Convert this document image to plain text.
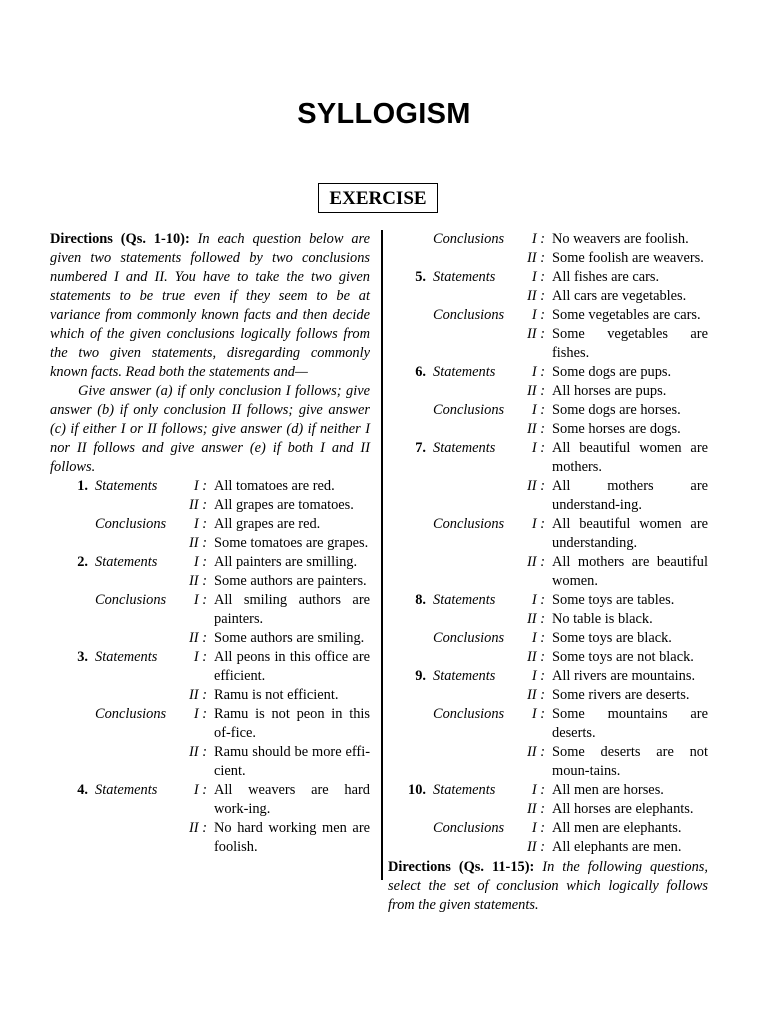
SYLLOGISM
EXERCISE

Directions (Qs. 1-10): In each question below are given two statements followed by two conclusions numbered I and II. You have to take the two given statements to be true even if they seem to be at variance from commonly known facts and then decide which of the given conclusions logically follows from the two given statements, disregarding commonly known facts. Read both the statements and—

Give answer (a) if only conclusion I follows; give answer (b) if only conclusion II follows; give answer (c) if either I or II follows; give answer (d) if neither I nor II follows and give answer (e) if both I and II follows.

1. Statements	I : All tomatoes are red.
II : All grapes are tomatoes.
Conclusions I : All grapes are red.
II : Some tomatoes are grapes.
2. Statements	I : All painters are smilling.
II : Some authors are painters.
Conclusions I : All smiling authors are painters.
II : Some authors are smiling.
3. Statements	I : All peons in this office are efficient.
II : Ramu is not efficient.
Conclusions I : Ramu is not peon in this of-fice.
II : Ramu should be more effi-cient.
4. Statements	I : All weavers are hard work-ing.
II : No hard working men are foolish.
Conclusions I : No weavers are foolish.
II : Some foolish are weavers.
5. Statements	I : All fishes are cars.
II : All cars are vegetables.
Conclusions I : Some vegetables are cars.
II : Some vegetables are fishes.
6. Statements	I : Some dogs are pups.
II : All horses are pups.
Conclusions I : Some dogs are horses.
II : Some horses are dogs.
7. Statements	I : All beautiful women are mothers.
II : All mothers are understand-ing.
Conclusions I : All beautiful women are understanding.
II : All mothers are beautiful women.
8. Statements	I : Some toys are tables.
II : No table is black.
Conclusions I : Some toys are black.
II : Some toys are not black.
9. Statements	I : All rivers are mountains.
II : Some rivers are deserts.
Conclusions I : Some mountains are deserts.
II : Some deserts are not moun-tains.
10. Statements	I : All men are horses.
II : All horses are elephants.
Conclusions I : All men are elephants.
II : All elephants are men.

Directions (Qs. 11-15): In the following questions, select the set of conclusion which logically follows from the given statements.
